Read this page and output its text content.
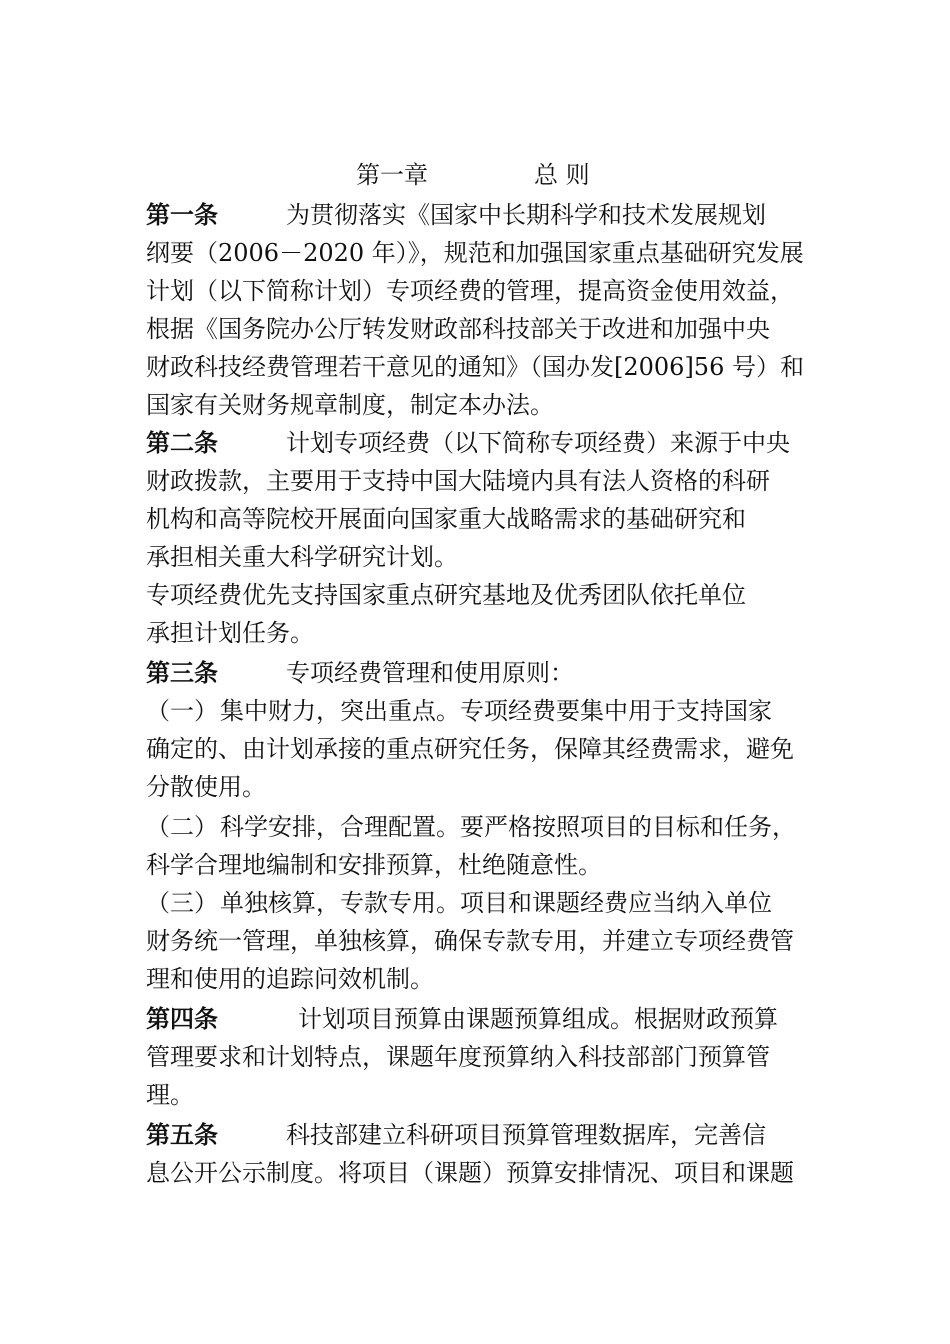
第一章	总 则
第一条	为贯彻落实《国家中长期科学和技术发展规划
纲要（2006－2020 年）》，规范和加强国家重点基础研究发展
计划（以下简称计划）专项经费的管理，提高资金使用效益，
根据《国务院办公厅转发财政部科技部关于改进和加强中央
财政科技经费管理若干意见的通知》（国办发[2006]56 号）和
国家有关财务规章制度，制定本办法。
第二条	计划专项经费（以下简称专项经费）来源于中央
财政拨款，主要用于支持中国大陆境内具有法人资格的科研
机构和高等院校开展面向国家重大战略需求的基础研究和
承担相关重大科学研究计划。
专项经费优先支持国家重点研究基地及优秀团队依托单位
承担计划任务。
第三条	专项经费管理和使用原则：
（一）集中财力，突出重点。专项经费要集中用于支持国家
确定的、由计划承接的重点研究任务，保障其经费需求，避免
分散使用。
（二）科学安排，合理配置。要严格按照项目的目标和任务，
科学合理地编制和安排预算，杜绝随意性。
（三）单独核算，专款专用。项目和课题经费应当纳入单位
财务统一管理，单独核算，确保专款专用，并建立专项经费管
理和使用的追踪问效机制。
第四条	计划项目预算由课题预算组成。根据财政预算
管理要求和计划特点，课题年度预算纳入科技部部门预算管
理。
第五条	科技部建立科研项目预算管理数据库，完善信
息公开公示制度。将项目（课题）预算安排情况、项目和课题
